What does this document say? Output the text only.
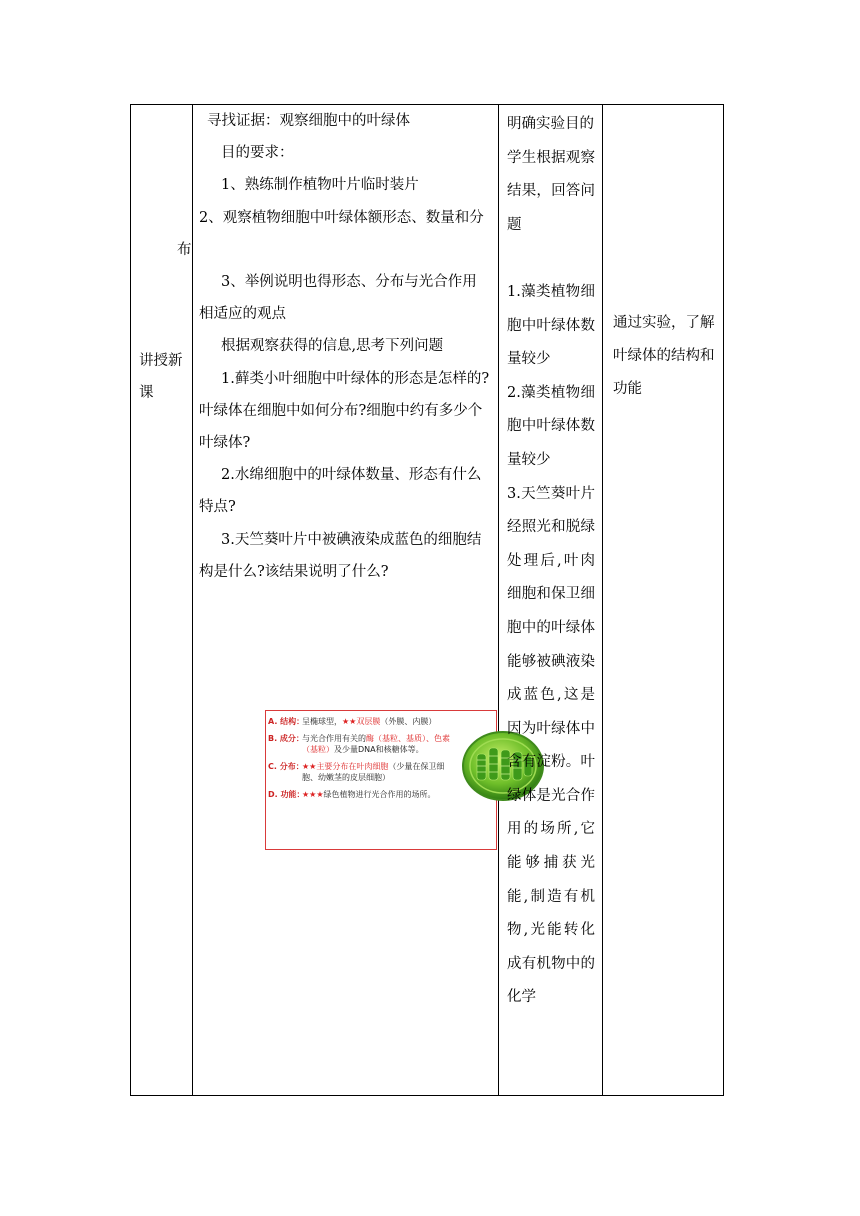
讲授新课

寻找证据：观察细胞中的叶绿体

目的要求：

1、熟练制作植物叶片临时装片

2、观察植物细胞中叶绿体额形态、数量和分布

3、举例说明也得形态、分布与光合作用相适应的观点

根据观察获得的信息,思考下列问题

1.藓类小叶细胞中叶绿体的形态是怎样的?叶绿体在细胞中如何分布?细胞中约有多少个叶绿体?

2.水绵细胞中的叶绿体数量、形态有什么特点?

3.天竺葵叶片中被碘液染成蓝色的细胞结构是什么?该结果说明了什么?

A. 结构：
呈椭球型，★★双层膜（外膜、内膜）
B. 成分：
与光合作用有关的酶（基粒、基质）、色素（基粒）及少量DNA和核糖体等。
C. 分布：
★★主要分布在叶肉细胞（少量在保卫细胞、幼嫩茎的皮层细胞）
D. 功能：
★★★绿色植物进行光合作用的场所。

明确实验目的

学生根据观察结果，回答问题

1.藻类植物细胞中叶绿体数量较少

2.藻类植物细胞中叶绿体数量较少

3.天竺葵叶片经照光和脱绿处理后,叶肉细胞和保卫细胞中的叶绿体能够被碘液染成蓝色,这是因为叶绿体中含有淀粉。叶绿体是光合作用的场所,它能够捕获光能,制造有机物,光能转化成有机物中的化学

通过实验，了解叶绿体的结构和功能
